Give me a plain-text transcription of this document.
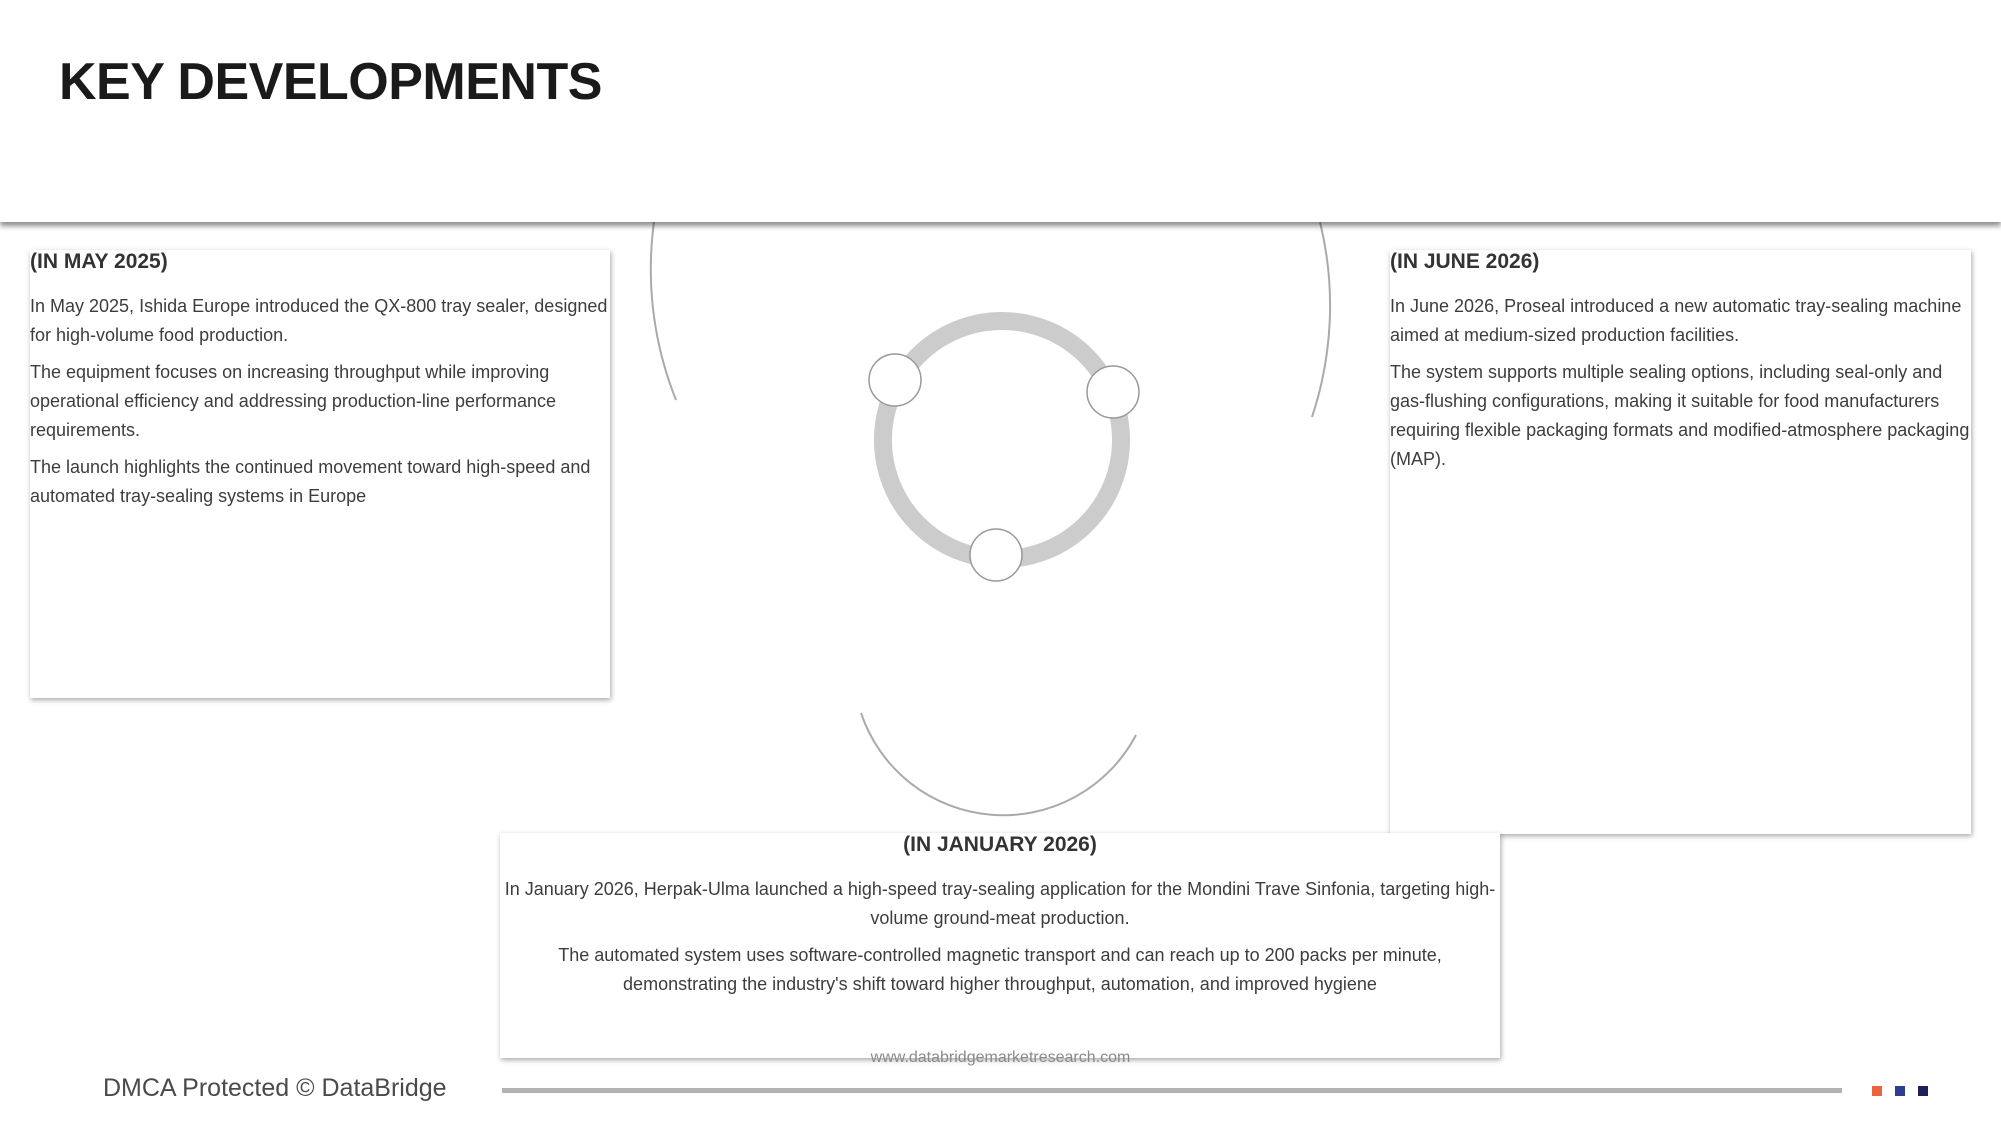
KEY DEVELOPMENTS
(IN MAY 2025)

In May 2025, Ishida Europe introduced the QX-800 tray sealer, designed for high-volume food production.

The equipment focuses on increasing throughput while improving operational efficiency and addressing production-line performance requirements.

The launch highlights the continued movement toward high-speed and automated tray-sealing systems in Europe

(IN JUNE 2026)

In June 2026, Proseal introduced a new automatic tray-sealing machine aimed at medium-sized production facilities.

The system supports multiple sealing options, including seal-only and gas-flushing configurations, making it suitable for food manufacturers requiring flexible packaging formats and modified-atmosphere packaging (MAP).

(IN JANUARY 2026)

In January 2026, Herpak-Ulma launched a high-speed tray-sealing application for the Mondini Trave Sinfonia, targeting high-volume ground-meat production.

The automated system uses software-controlled magnetic transport and can reach up to 200 packs per minute, demonstrating the industry's shift toward higher throughput, automation, and improved hygiene

www.databridgemarketresearch.com
DMCA Protected © DataBridge
